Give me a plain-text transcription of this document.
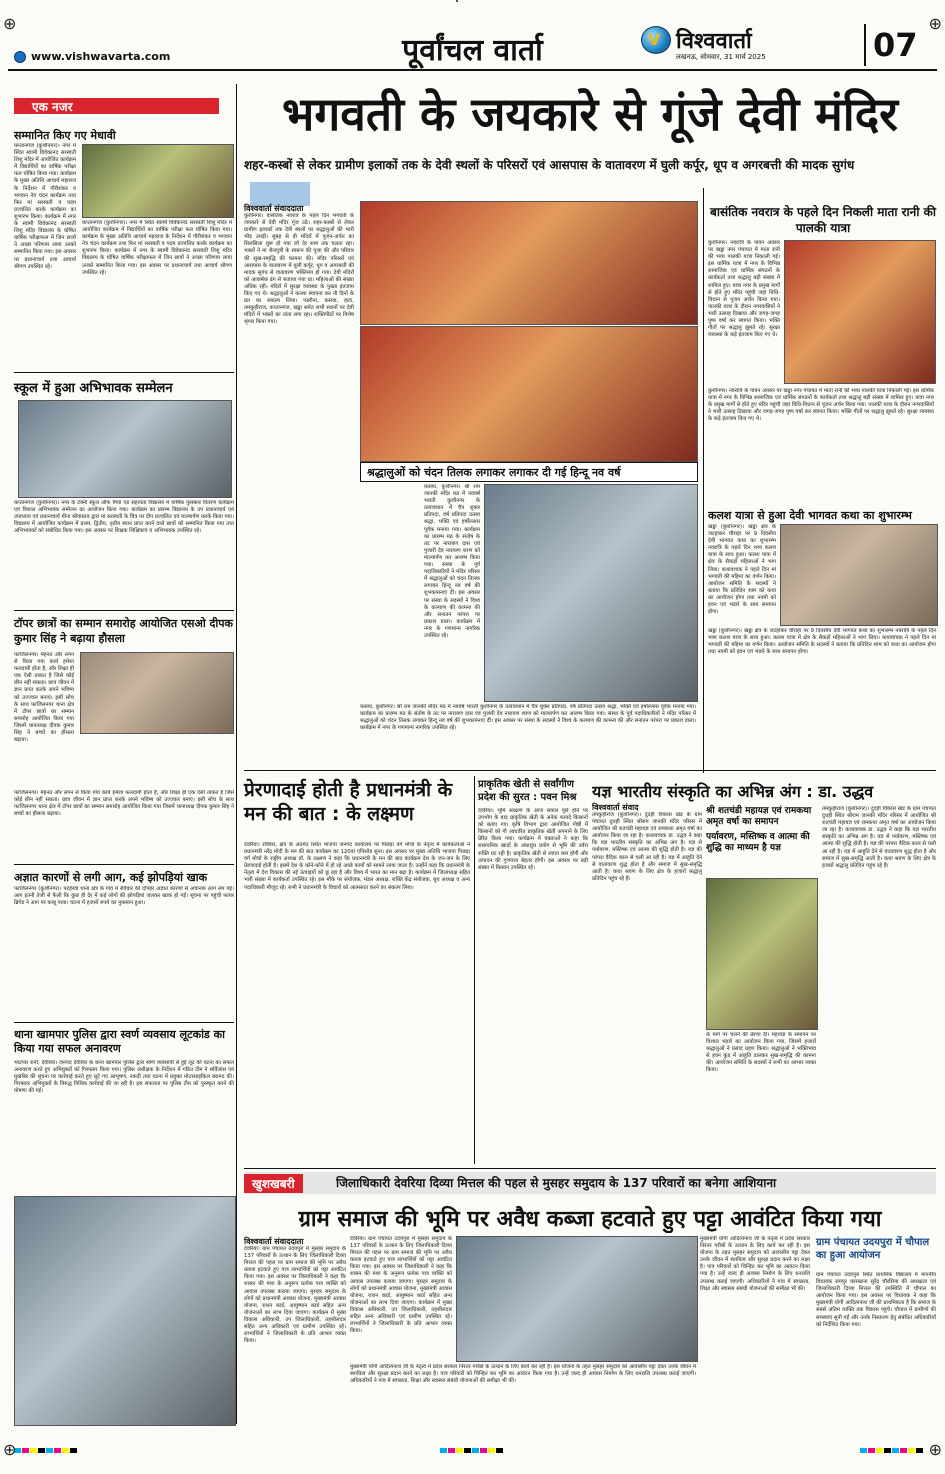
⊕	⊕
www.vishwavarta.com	पूर्वांचल वार्ता	V विश्ववार्ता
लखनऊ, सोमवार, 31 मार्च 2025	07
एक नजर
सम्मानित किए गए मेधावी
कप्तानगंज (कुशीनगर)। नगर में स्थित स्वामी विवेकानंद सरस्वती शिशु मंदिर में आयोजित कार्यक्रम में विद्यार्थियों का वार्षिक परीक्षा फल घोषित किया गया। कार्यक्रम के मुख्य अतिथि आचार्य महाराज के निर्देशन में गौरीशंकर व भगवान नेत्र चंदन कार्यक्रम तथा फिर मां सरस्वती व पदम प्रज्वलित करके कार्यक्रम का शुभारंभ किया। कार्यक्रम में नगर के स्वामी विवेकानंद सरस्वती शिशु मंदिर विद्यालय के घोषित वार्षिक परीक्षाफल में जिन छात्रों ने अच्छा परिणाम लाया उनको सम्मानित किया गया। इस अवसर पर प्रधानाचार्य तथा आचार्य श्रीगण उपस्थित रहे।
कप्तानगंज (कुशीनगर)। नगर में स्थित स्वामी विवेकानंद सरस्वती शिशु मंदिर में आयोजित कार्यक्रम में विद्यार्थियों का वार्षिक परीक्षा फल घोषित किया गया। कार्यक्रम के मुख्य अतिथि आचार्य महाराज के निर्देशन में गौरीशंकर व भगवान नेत्र चंदन कार्यक्रम तथा फिर मां सरस्वती व पदम प्रज्वलित करके कार्यक्रम का शुभारंभ किया। कार्यक्रम में नगर के स्वामी विवेकानंद सरस्वती शिशु मंदिर विद्यालय के घोषित वार्षिक परीक्षाफल में जिन छात्रों ने अच्छा परिणाम लाया उनको सम्मानित किया गया। इस अवसर पर प्रधानाचार्य तथा आचार्य श्रीगण उपस्थित रहे।
स्कूल में हुआ अभिभावक सम्मेलन
कप्तानगंज (कुशीनगर)। नगर के टेक्नी स्कूल ऑफ मिया एड सहायता विद्यालय में वार्षिक पुरस्कार वितरण कार्यक्रम एवं विशाल अभिभावक सम्मेलन का आयोजन किया गया। कार्यक्रम का प्रारम्भ विद्यालय के उप प्रधानाचार्य एवं उपाध्याय एवं प्रधानाचार्य मीना श्रीवास्तव द्वारा मां सरस्वती के चित्र पर दीप प्रज्वलित एवं माल्यार्पण करके किया गया। विद्यालय में आयोजित कार्यक्रम में प्रथम, द्वितीय, तृतीय स्थान प्राप्त करने वाले छात्रों को सम्मानित किया गया तथा अभिभावकों को संबोधित किया गया। इस अवसर पर शिक्षक शिक्षिकाएं व अभिभावक उपस्थित रहे।
टॉपर छात्रों का सम्मान समारोह आयोजित एसओ दीपक कुमार सिंह ने बढ़ाया हौसला
फाजिलनगर। मेहनत और लगन से किया गया कार्य हमेशा फलदायी होता है, और शिक्षा ही एक ऐसी ताकत है जिसे कोई छीन नहीं सकता। छात्र जीवन में ज्ञान प्राप्त करके अपने भविष्य को उज्ज्वल बनाएं। इसी सोच के साथ फाजिलनगर थाना क्षेत्र में टॉपर छात्रों का सम्मान समारोह आयोजित किया गया जिसमें थानाध्यक्ष दीपक कुमार सिंह ने बच्चों का हौसला बढ़ाया।
फाजिलनगर। मेहनत और लगन से किया गया कार्य हमेशा फलदायी होता है, और शिक्षा ही एक ऐसी ताकत है जिसे कोई छीन नहीं सकता। छात्र जीवन में ज्ञान प्राप्त करके अपने भविष्य को उज्ज्वल बनाएं। इसी सोच के साथ फाजिलनगर थाना क्षेत्र में टॉपर छात्रों का सम्मान समारोह आयोजित किया गया जिसमें थानाध्यक्ष दीपक कुमार सिंह ने बच्चों का हौसला बढ़ाया।
अज्ञात कारणों से लगी आग, कई झोपड़ियां खाक
फाजिलनगर (कुशीनगर)। पटहेरवा थाना क्षेत्र के गांव में रविवार की दोपहर अज्ञात कारणों से अचानक आग लग गई। आग इतनी तेजी से फैली कि कुछ ही देर में कई लोगों की झोपड़ियां जलकर खाक हो गईं। सूचना पर पहुंची फायर ब्रिगेड ने आग पर काबू पाया। घटना में हजारों रुपये का नुकसान हुआ।
थाना खामपार पुलिस द्वारा स्वर्ण व्यवसाय लूटकांड का किया गया सफल अनावरण
भाटपार रानी, देवरिया। जनपद देवरिया के थाना खामपार पुलिस द्वारा स्वर्ण व्यवसायी से हुई लूट की घटना का सफल अनावरण करते हुए अभियुक्तों को गिरफ्तार किया गया। पुलिस अधीक्षक के निर्देशन में गठित टीम ने सर्विलांस एवं मुखबिर की सूचना पर कार्रवाई करते हुए लूटे गए आभूषण, नकदी तथा घटना में प्रयुक्त मोटरसाइकिल बरामद की। गिरफ्तार अभियुक्तों के विरुद्ध विधिक कार्रवाई की जा रही है। इस सफलता पर पुलिस टीम को पुरस्कृत करने की घोषणा की गई।
भगवती के जयकारे से गूंजे देवी मंदिर
शहर-कस्बों से लेकर ग्रामीण इलाकों तक के देवी स्थलों के परिसरों एवं आसपास के वातावरण में घुली कर्पूर, धूप व अगरबत्ती की मादक सुगंध
विश्ववार्ता संवाददाता
कुशीनगर। वासंतिक नवरात्र के पहले दिन भगवती के जयकारे से देवी मंदिर गूंज उठे। शहर-कस्बों से लेकर ग्रामीण इलाकों तक देवी स्थलों पर श्रद्धालुओं की भारी भीड़ उमड़ी। सुबह से ही मंदिरों में पूजन-अर्चन का सिलसिला शुरू हो गया जो देर शाम तक चलता रहा। भक्तों ने मां शैलपुत्री के स्वरूप की पूजा की और परिवार की सुख-समृद्धि की कामना की। मंदिर परिसरों एवं आसपास के वातावरण में घुली कर्पूर, धूप व अगरबत्ती की मादक सुगंध से वातावरण भक्तिमय हो गया। देवी मंदिरों को आकर्षक ढंग से सजाया गया था। महिलाओं की संख्या अधिक रही। मंदिरों में सुरक्षा व्यवस्था के पुख्ता इंतजाम किए गए थे। श्रद्धालुओं ने कलश स्थापना कर नौ दिनों के व्रत का संकल्प लिया। पडरौना, कसया, हाटा, तमकुहीराज, कप्तानगंज, खड्डा समेत सभी स्थानों पर देवी मंदिरों में भक्तों का तांता लगा रहा। शक्तिपीठों पर विशेष श्रृंगार किया गया।
श्रद्धालुओं को चंदन तिलक लगाकर लगाकर दी गई हिन्दू नव वर्ष
कसया, कुशीनगर। श्री राम जानकी मंदिर मठ में नववर्ष भारती कुशीनगर के तत्वावधान में चैत्र शुक्ल प्रतिपदा, वर्ष प्रतिपदा उत्सव श्रद्धा, भक्ति एवं हर्षोल्लास पूर्वक मनाया गया। कार्यक्रम का प्रारम्भ मठ के संतोष के तट पर नारायण दास एवं पुजारी देव नारायण शरण को माल्यार्पण कर आरम्भ किया गया। संस्था के पूर्व पदाधिकारियों ने मंदिर परिसर में श्रद्धालुओं को चंदन तिलक लगाकर हिन्दू नव वर्ष की शुभकामनाएं दीं। इस अवसर पर संस्था के सदस्यों ने विश्व के कल्याण की कामना की और सनातन परंपरा पर प्रकाश डाला। कार्यक्रम में नगर के गणमान्य नागरिक उपस्थित रहे।
कसया, कुशीनगर। श्री राम जानकी मंदिर मठ में नववर्ष भारती कुशीनगर के तत्वावधान में चैत्र शुक्ल प्रतिपदा, वर्ष प्रतिपदा उत्सव श्रद्धा, भक्ति एवं हर्षोल्लास पूर्वक मनाया गया। कार्यक्रम का प्रारम्भ मठ के संतोष के तट पर नारायण दास एवं पुजारी देव नारायण शरण को माल्यार्पण कर आरम्भ किया गया। संस्था के पूर्व पदाधिकारियों ने मंदिर परिसर में श्रद्धालुओं को चंदन तिलक लगाकर हिन्दू नव वर्ष की शुभकामनाएं दीं। इस अवसर पर संस्था के सदस्यों ने विश्व के कल्याण की कामना की और सनातन परंपरा पर प्रकाश डाला। कार्यक्रम में नगर के गणमान्य नागरिक उपस्थित रहे।
बासंतिक नवरात्र के पहले दिन निकली माता रानी की पालकी यात्रा
कुशीनगर। नवरात्रि के पावन अवसर पर खड्डा नगर पंचायत में माता रानी की भव्य पालकी यात्रा निकाली गई। इस धार्मिक यात्रा में नगर के विभिन्न सामाजिक एवं धार्मिक संगठनों के कार्यकर्ता तथा श्रद्धालु बड़ी संख्या में शामिल हुए। यात्रा नगर के प्रमुख मार्गों से होते हुए मंदिर पहुंची जहां विधि-विधान से पूजन अर्चन किया गया। पालकी यात्रा के दौरान नगरवासियों ने भारी उत्साह दिखाया और जगह-जगह पुष्प वर्षा कर स्वागत किया। भक्ति गीतों पर श्रद्धालु झूमते रहे। सुरक्षा व्यवस्था के कड़े इंतजाम किए गए थे।
कुशीनगर। नवरात्रि के पावन अवसर पर खड्डा नगर पंचायत में माता रानी की भव्य पालकी यात्रा निकाली गई। इस धार्मिक यात्रा में नगर के विभिन्न सामाजिक एवं धार्मिक संगठनों के कार्यकर्ता तथा श्रद्धालु बड़ी संख्या में शामिल हुए। यात्रा नगर के प्रमुख मार्गों से होते हुए मंदिर पहुंची जहां विधि-विधान से पूजन अर्चन किया गया। पालकी यात्रा के दौरान नगरवासियों ने भारी उत्साह दिखाया और जगह-जगह पुष्प वर्षा कर स्वागत किया। भक्ति गीतों पर श्रद्धालु झूमते रहे। सुरक्षा व्यवस्था के कड़े इंतजाम किए गए थे।
कलश यात्रा से हुआ देवी भागवत कथा का शुभारम्भ
खड्डा (कुशीनगर)। खड्डा क्षेत्र के जटहांकर चौराहा पर 9 दिवसीय देवी भागवत कथा का शुभारम्भ नवरात्रि के पहले दिन भव्य कलश यात्रा के साथ हुआ। कलश यात्रा में क्षेत्र के सैकड़ों महिलाओं ने भाग लिया। कथावाचक ने पहले दिन मां भगवती की महिमा का वर्णन किया। आयोजन समिति के सदस्यों ने बताया कि प्रतिदिन शाम को कथा का आयोजन होगा तथा नवमी को हवन एवं भंडारे के साथ समापन होगा।
खड्डा (कुशीनगर)। खड्डा क्षेत्र के जटहांकर चौराहा पर 9 दिवसीय देवी भागवत कथा का शुभारम्भ नवरात्रि के पहले दिन भव्य कलश यात्रा के साथ हुआ। कलश यात्रा में क्षेत्र के सैकड़ों महिलाओं ने भाग लिया। कथावाचक ने पहले दिन मां भगवती की महिमा का वर्णन किया। आयोजन समिति के सदस्यों ने बताया कि प्रतिदिन शाम को कथा का आयोजन होगा तथा नवमी को हवन एवं भंडारे के साथ समापन होगा।
प्रेरणादाई होती है प्रधानमंत्री के मन की बात : के लक्ष्मण
देवरिया। रविवार, क्षेत्र के अंतर्गत स्थित भाजपा जनपद कार्यालय पर पिछड़ा वर्ग मोर्चा के नेतृत्व में कार्यकर्ताओं ने प्रधानमंत्री नरेंद्र मोदी के मन की बात कार्यक्रम का 120वां एपिसोड सुना। इस अवसर पर मुख्य अतिथि भाजपा पिछड़ा वर्ग मोर्चा के राष्ट्रीय अध्यक्ष डॉ. के लक्ष्मण ने कहा कि प्रधानमंत्री के मन की बात कार्यक्रम देश के जन-जन के लिए प्रेरणादाई होती है। इसमें देश के कोने-कोने में हो रहे अच्छे कार्यों को सामने लाया जाता है। उन्होंने कहा कि प्रधानमंत्री के नेतृत्व में देश विकास की नई ऊंचाइयों को छू रहा है और विश्व में भारत का मान बढ़ा है। कार्यक्रम में जिलाध्यक्ष सहित भारी संख्या में कार्यकर्ता उपस्थित रहे। इस मौके पर संयोजक, मंडल अध्यक्ष, शक्ति केंद्र संयोजक, बूथ अध्यक्ष व अन्य पदाधिकारी मौजूद रहे। सभी ने प्रधानमंत्री के विचारों को आत्मसात करने का संकल्प लिया।
प्राकृतिक खेती से सर्वांगीण प्रदेश की सुरत : पवन मिश्र
देवरिया। भूमि संरक्षण के आज सवाल पूछे होने पर उपभोग के बाद प्राकृतिक खेती के अनेक फायदे किसानों को बताए गए। कृषि विभाग द्वारा आयोजित गोष्ठी में किसानों को गौ आधारित प्राकृतिक खेती अपनाने के लिए प्रेरित किया गया। कार्यक्रम में वक्ताओं ने कहा कि रासायनिक खादों के अंधाधुंध प्रयोग से भूमि की उर्वरा शक्ति घट रही है। प्राकृतिक खेती से लागत कम होगी और उत्पादन की गुणवत्ता बेहतर होगी। इस अवसर पर बड़ी संख्या में किसान उपस्थित रहे।
यज्ञ भारतीय संस्कृति का अभिन्न अंग : डा. उद्धव
विश्ववार्ता संवाद
तमकुहीराज (कुशीनगर)। दुदही विकास खंड के ग्राम पंचायत दुधही स्थित श्रीराम जानकी मंदिर परिसर में आयोजित श्री शतचंडी महायज्ञ एवं रामकथा अमृत वर्षा का आयोजन किया जा रहा है। कथावाचक डा. उद्धव ने कहा कि यज्ञ भारतीय संस्कृति का अभिन्न अंग है। यज्ञ से पर्यावरण, मस्तिष्क एवं आत्मा की शुद्धि होती है। यज्ञ की परंपरा वैदिक काल से चली आ रही है। यज्ञ में आहुति देने से वातावरण शुद्ध होता है और समाज में सुख-समृद्धि आती है। कथा श्रवण के लिए क्षेत्र के हजारों श्रद्धालु प्रतिदिन पहुंच रहे हैं।
श्री शतचंडी महायज्ञ एवं रामकथा अमृत वर्षा का समापन
पर्यावरण, मस्तिष्क व आत्मा की शुद्धि का माध्यम है यज्ञ
के मार्ग पर चलने की प्रेरणा दी। महायज्ञ के समापन पर विशाल भंडारे का आयोजन किया गया, जिसमें हजारों श्रद्धालुओं ने प्रसाद ग्रहण किया। श्रद्धालुओं ने भक्तिभाव से हवन कुंड में आहुति डालकर सुख-समृद्धि की कामना की। आयोजन समिति के सदस्यों ने सभी का आभार व्यक्त किया।
तमकुहीराज (कुशीनगर)। दुदही विकास खंड के ग्राम पंचायत दुधही स्थित श्रीराम जानकी मंदिर परिसर में आयोजित श्री शतचंडी महायज्ञ एवं रामकथा अमृत वर्षा का आयोजन किया जा रहा है। कथावाचक डा. उद्धव ने कहा कि यज्ञ भारतीय संस्कृति का अभिन्न अंग है। यज्ञ से पर्यावरण, मस्तिष्क एवं आत्मा की शुद्धि होती है। यज्ञ की परंपरा वैदिक काल से चली आ रही है। यज्ञ में आहुति देने से वातावरण शुद्ध होता है और समाज में सुख-समृद्धि आती है। कथा श्रवण के लिए क्षेत्र के हजारों श्रद्धालु प्रतिदिन पहुंच रहे हैं।
खुशखबरी	जिलाधिकारी देवरिया दिव्या मित्तल की पहल से मुसहर समुदाय के 137 परिवारों का बनेगा आशियाना
ग्राम समाज की भूमि पर अवैध कब्जा हटवाते हुए पट्टा आवंटित किया गया
विश्ववार्ता संवाददाता
देवरिया। ग्राम पंचायत उदयपुरा में मुसहर समुदाय के 137 परिवारों के उत्थान के लिए जिलाधिकारी दिव्या मित्तल की पहल पर ग्राम समाज की भूमि पर अवैध कब्जा हटवाते हुए पात्र लाभार्थियों को पट्टा आवंटित किया गया। इस अवसर पर जिलाधिकारी ने कहा कि शासन की मंशा के अनुरूप प्रत्येक पात्र व्यक्ति को आवास उपलब्ध कराया जाएगा। मुसहर समुदाय के लोगों को प्रधानमंत्री आवास योजना, मुख्यमंत्री आवास योजना, राशन कार्ड, आयुष्मान कार्ड सहित अन्य योजनाओं का लाभ दिया जाएगा। कार्यक्रम में मुख्य विकास अधिकारी, उप जिलाधिकारी, तहसीलदार सहित अन्य अधिकारी एवं ग्रामीण उपस्थित रहे। लाभार्थियों ने जिलाधिकारी के प्रति आभार व्यक्त किया।
देवरिया। ग्राम पंचायत उदयपुरा में मुसहर समुदाय के 137 परिवारों के उत्थान के लिए जिलाधिकारी दिव्या मित्तल की पहल पर ग्राम समाज की भूमि पर अवैध कब्जा हटवाते हुए पात्र लाभार्थियों को पट्टा आवंटित किया गया। इस अवसर पर जिलाधिकारी ने कहा कि शासन की मंशा के अनुरूप प्रत्येक पात्र व्यक्ति को आवास उपलब्ध कराया जाएगा। मुसहर समुदाय के लोगों को प्रधानमंत्री आवास योजना, मुख्यमंत्री आवास योजना, राशन कार्ड, आयुष्मान कार्ड सहित अन्य योजनाओं का लाभ दिया जाएगा। कार्यक्रम में मुख्य विकास अधिकारी, उप जिलाधिकारी, तहसीलदार सहित अन्य अधिकारी एवं ग्रामीण उपस्थित रहे। लाभार्थियों ने जिलाधिकारी के प्रति आभार व्यक्त किया।
मुख्यमंत्री योगी आदित्यनाथ जी के नेतृत्व में प्रदेश सरकार निरंतर गरीबों के उत्थान के लिए कार्य कर रही है। इस योजना के तहत मुसहर समुदाय को आवासीय पट्टा देकर उनके जीवन में स्थायित्व और सुरक्षा प्रदान करने का लक्ष्य है। पात्र परिवारों को चिन्हित कर भूमि का आवंटन किया गया है। उन्हें जल्द ही आवास निर्माण के लिए धनराशि उपलब्ध कराई जाएगी। अधिकारियों ने गांव में स्वच्छता, शिक्षा और स्वास्थ्य संबंधी योजनाओं की समीक्षा भी की।
मुख्यमंत्री योगी आदित्यनाथ जी के नेतृत्व में प्रदेश सरकार निरंतर गरीबों के उत्थान के लिए कार्य कर रही है। इस योजना के तहत मुसहर समुदाय को आवासीय पट्टा देकर उनके जीवन में स्थायित्व और सुरक्षा प्रदान करने का लक्ष्य है। पात्र परिवारों को चिन्हित कर भूमि का आवंटन किया गया है। उन्हें जल्द ही आवास निर्माण के लिए धनराशि उपलब्ध कराई जाएगी। अधिकारियों ने गांव में स्वच्छता, शिक्षा और स्वास्थ्य संबंधी योजनाओं की समीक्षा भी की।
ग्राम पंचायत उदयपुरा में चौपाल का हुआ आयोजन
ग्राम पंचायत उदयपुरा स्थित प्राथमिक विद्यालय में माननीय विधायक रामपुर कारखाना सुरेंद्र चौरसिया की अध्यक्षता एवं जिलाधिकारी दिव्या मित्तल की उपस्थिति में चौपाल का आयोजन किया गया। इस अवसर पर विधायक ने कहा कि मुख्यमंत्री योगी आदित्यनाथ जी की प्राथमिकता है कि समाज के सबसे अंतिम व्यक्ति तक विकास पहुंचे। चौपाल में ग्रामीणों की समस्याएं सुनी गईं और उनके निस्तारण हेतु संबंधित अधिकारियों को निर्देशित किया गया।
⊕	⊕
